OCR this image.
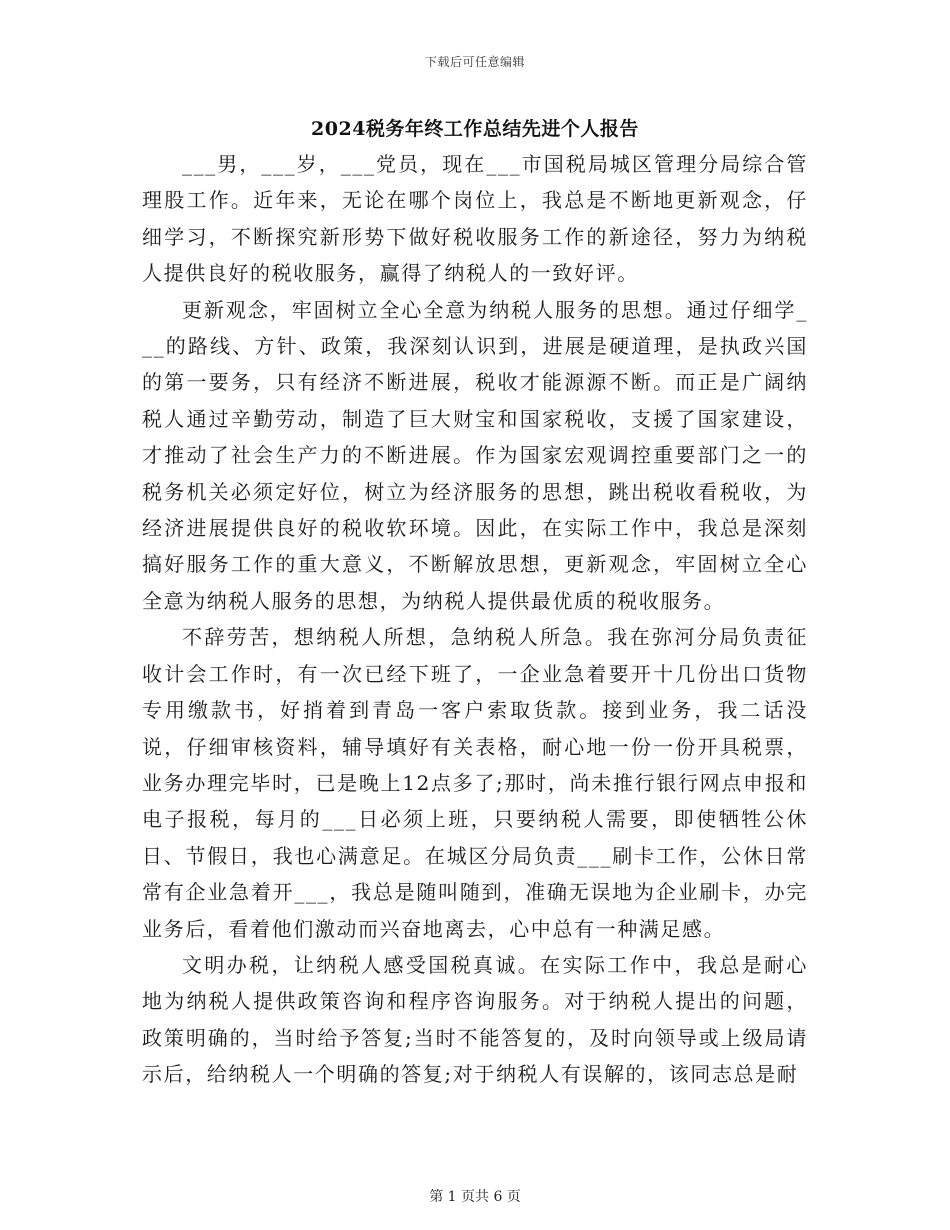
下载后可任意编辑
2024税务年终工作总结先进个人报告

___男，___岁，___党员，现在___市国税局城区管理分局综合管理股工作。近年来，无论在哪个岗位上，我总是不断地更新观念，仔细学习，不断探究新形势下做好税收服务工作的新途径，努力为纳税人提供良好的税收服务，赢得了纳税人的一致好评。

更新观念，牢固树立全心全意为纳税人服务的思想。通过仔细学___的路线、方针、政策，我深刻认识到，进展是硬道理，是执政兴国的第一要务，只有经济不断进展，税收才能源源不断。而正是广阔纳税人通过辛勤劳动，制造了巨大财宝和国家税收，支援了国家建设，才推动了社会生产力的不断进展。作为国家宏观调控重要部门之一的税务机关必须定好位，树立为经济服务的思想，跳出税收看税收，为经济进展提供良好的税收软环境。因此，在实际工作中，我总是深刻搞好服务工作的重大意义，不断解放思想，更新观念，牢固树立全心全意为纳税人服务的思想，为纳税人提供最优质的税收服务。

不辞劳苦，想纳税人所想，急纳税人所急。我在弥河分局负责征收计会工作时，有一次已经下班了，一企业急着要开十几份出口货物专用缴款书，好捎着到青岛一客户索取货款。接到业务，我二话没说，仔细审核资料，辅导填好有关表格，耐心地一份一份开具税票，业务办理完毕时，已是晚上12点多了;那时，尚未推行银行网点申报和电子报税，每月的___日必须上班，只要纳税人需要，即使牺牲公休日、节假日，我也心满意足。在城区分局负责___刷卡工作，公休日常常有企业急着开___，我总是随叫随到，准确无误地为企业刷卡，办完业务后，看着他们激动而兴奋地离去，心中总有一种满足感。

文明办税，让纳税人感受国税真诚。在实际工作中，我总是耐心地为纳税人提供政策咨询和程序咨询服务。对于纳税人提出的问题，政策明确的，当时给予答复;当时不能答复的，及时向领导或上级局请示后，给纳税人一个明确的答复;对于纳税人有误解的，该同志总是耐

第 1 页共 6 页
